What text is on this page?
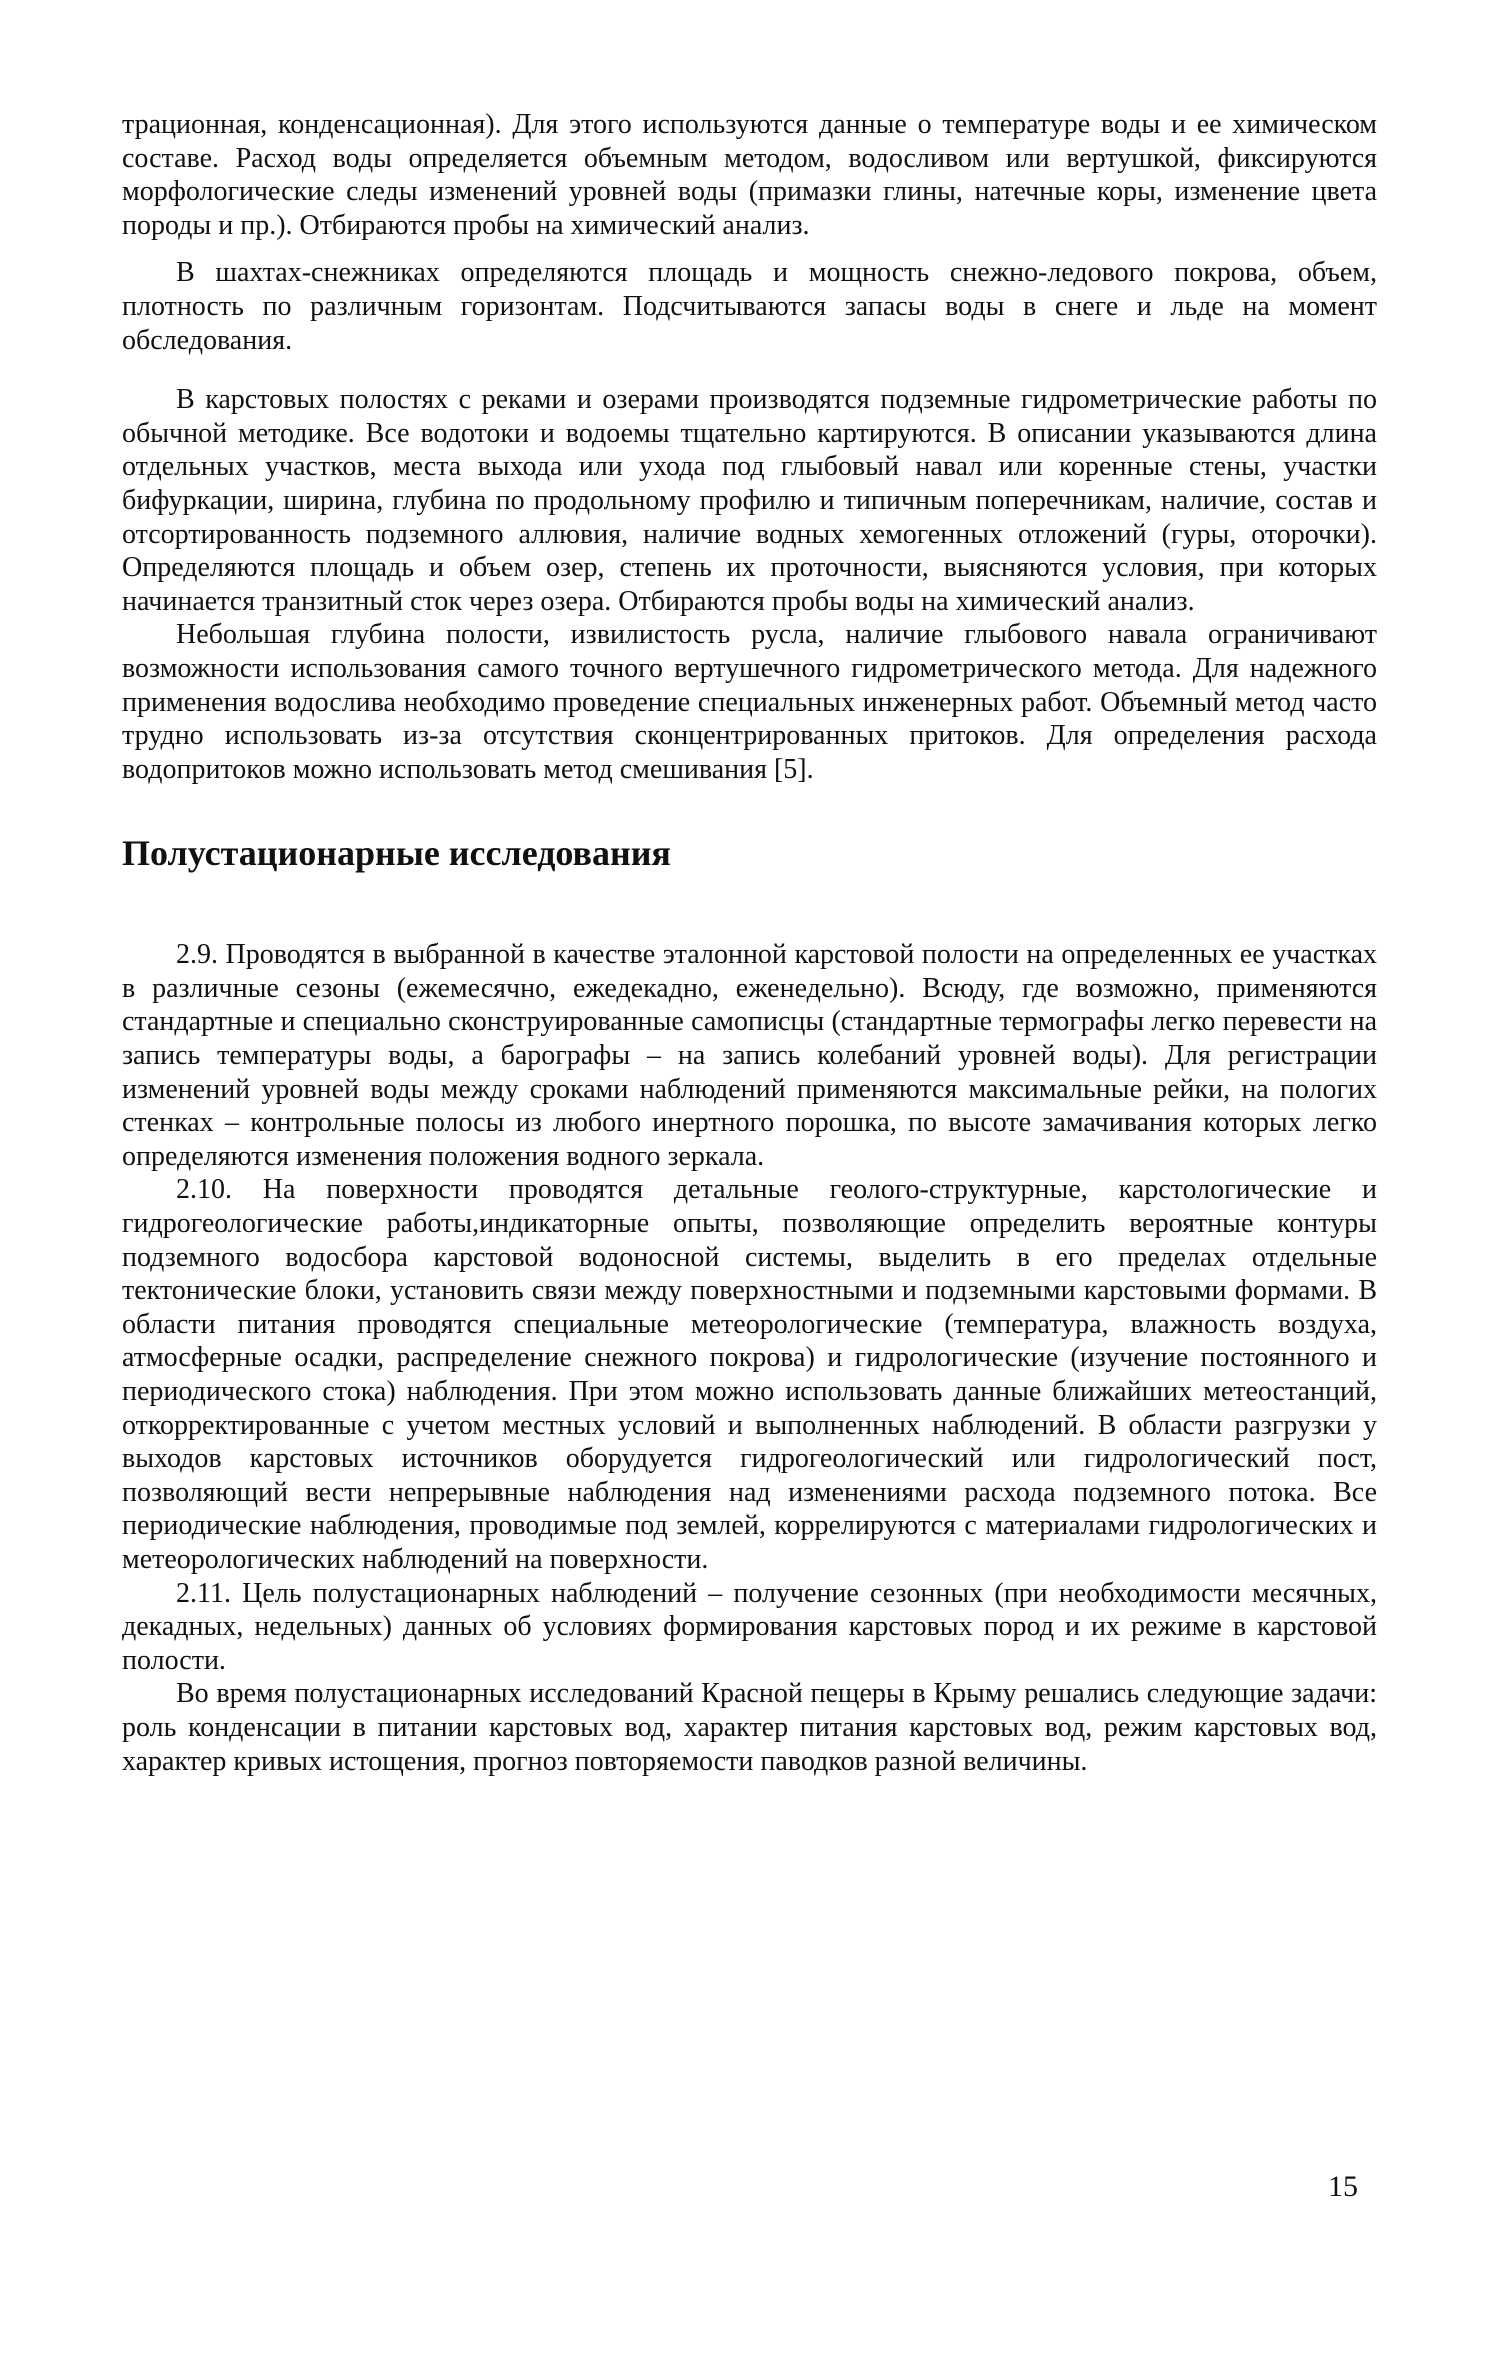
трационная, конденсационная). Для этого используются данные о температуре воды и ее химическом составе. Расход воды определяется объемным методом, водосливом или вертушкой, фиксируются морфологические следы изменений уровней воды (примазки глины, натечные коры, изменение цвета породы и пр.). Отбираются пробы на химический анализ.

В шахтах-снежниках определяются площадь и мощность снежно-ледового покрова, объем, плотность по различным горизонтам. Подсчитываются запасы воды в снеге и льде на момент обследования.

В карстовых полостях с реками и озерами производятся подземные гидрометрические работы по обычной методике. Все водотоки и водоемы тщательно картируются. В описании указываются длина отдельных участков, места выхода или ухода под глыбовый навал или коренные стены, участки бифуркации, ширина, глубина по продольному профилю и типичным поперечникам, наличие, состав и отсортированность подземного аллювия, наличие водных хемогенных отложений (гуры, оторочки). Определяются площадь и объем озер, степень их проточности, выясняются условия, при которых начинается транзитный сток через озера. Отбираются пробы воды на химический анализ.

Небольшая глубина полости, извилистость русла, наличие глыбового навала ограничивают возможности использования самого точного вертушечного гидрометрического метода. Для надежного применения водослива необходимо проведение специальных инженерных работ. Объемный метод часто трудно использовать из-за отсутствия сконцентрированных притоков. Для определения расхода водопритоков можно использовать метод смешивания [5].

Полустационарные исследования

2.9. Проводятся в выбранной в качестве эталонной карстовой полости на определенных ее участках в различные сезоны (ежемесячно, ежедекадно, еженедельно). Всюду, где возможно, применяются стандартные и специально сконструированные самописцы (стандартные термографы легко перевести на запись температуры воды, а барографы – на запись колебаний уровней воды). Для регистрации изменений уровней воды между сроками наблюдений применяются максимальные рейки, на пологих стенках – контрольные полосы из любого инертного порошка, по высоте замачивания которых легко определяются изменения положения водного зеркала.

2.10. На поверхности проводятся детальные геолого-структурные, карстологические и гидрогеологические работы,индикаторные опыты, позволяющие определить вероятные контуры подземного водосбора карстовой водоносной системы, выделить в его пределах отдельные тектонические блоки, установить связи между поверхностными и подземными карстовыми формами. В области питания проводятся специальные метеорологические (температура, влажность воздуха, атмосферные осадки, распределение снежного покрова) и гидрологические (изучение постоянного и периодического стока) наблюдения. При этом можно использовать данные ближайших метеостанций, откорректированные с учетом местных условий и выполненных наблюдений. В области разгрузки у выходов карстовых источников оборудуется гидрогеологический или гидрологический пост, позволяющий вести непрерывные наблюдения над изменениями расхода подземного потока. Все периодические наблюдения, проводимые под землей, коррелируются с материалами гидрологических и метеорологических наблюдений на поверхности.

2.11. Цель полустационарных наблюдений – получение сезонных (при необходимости месячных, декадных, недельных) данных об условиях формирования карстовых пород и их режиме в карстовой полости.

Во время полустационарных исследований Красной пещеры в Крыму решались следующие задачи: роль конденсации в питании карстовых вод, характер питания карстовых вод, режим карстовых вод, характер кривых истощения, прогноз повторяемости паводков разной величины.

15
